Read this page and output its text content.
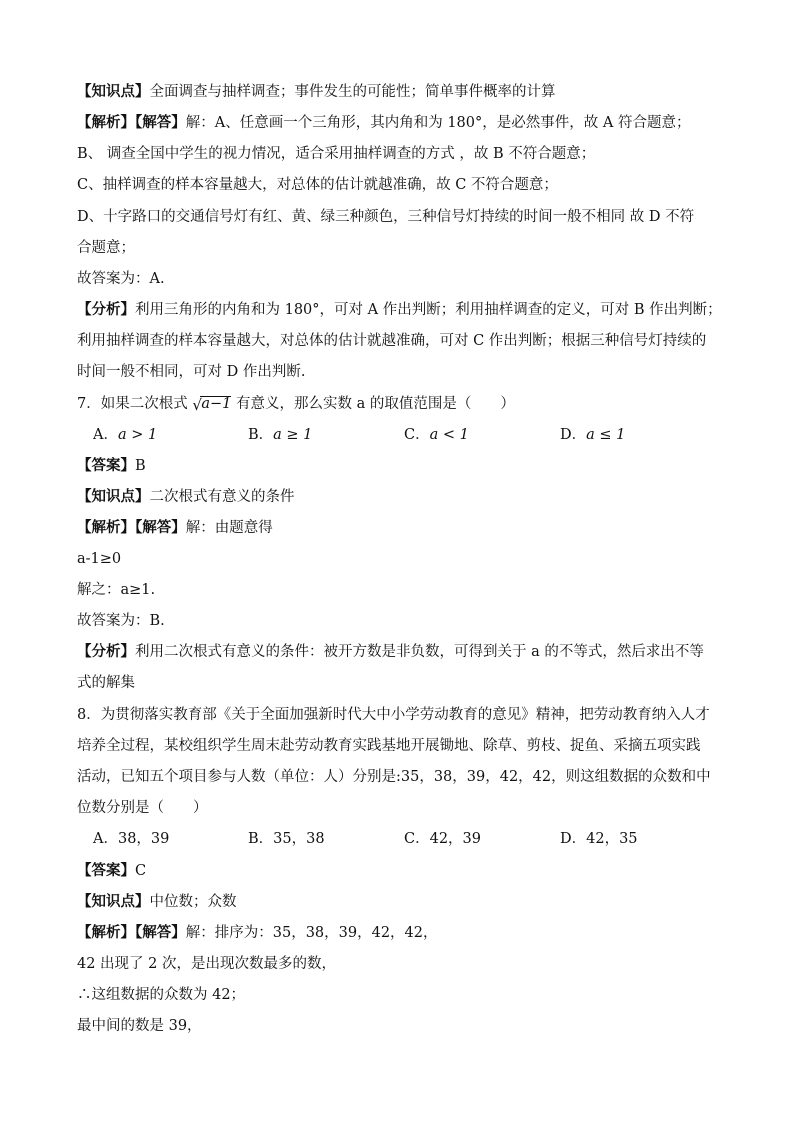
【知识点】全面调查与抽样调查；事件发生的可能性；简单事件概率的计算
【解析】【解答】解：A、任意画一个三角形，其内角和为 180°，是必然事件，故 A 符合题意；
B、 调查全国中学生的视力情况，适合采用抽样调查的方式 ，故 B 不符合题意；
C、抽样调查的样本容量越大，对总体的估计就越准确，故 C 不符合题意；
D、十字路口的交通信号灯有红、黄、绿三种颜色，三种信号灯持续的时间一般不相同 故 D 不符
合题意；
故答案为：A.
【分析】利用三角形的内角和为 180°，可对 A 作出判断；利用抽样调查的定义，可对 B 作出判断；
利用抽样调查的样本容量越大，对总体的估计就越准确，可对 C 作出判断；根据三种信号灯持续的
时间一般不相同，可对 D 作出判断.
7．如果二次根式 √ a−1 有意义，那么实数 a 的取值范围是（　　）
A．a > 1	B．a ≥ 1	C．a < 1	D．a ≤ 1
【答案】B
【知识点】二次根式有意义的条件
【解析】【解答】解：由题意得
a-1≥0
解之：a≥1.
故答案为：B.
【分析】利用二次根式有意义的条件：被开方数是非负数，可得到关于 a 的不等式，然后求出不等
式的解集
8．为贯彻落实教育部《关于全面加强新时代大中小学劳动教育的意见》精神，把劳动教育纳入人才
培养全过程，某校组织学生周末赴劳动教育实践基地开展锄地、除草、剪枝、捉鱼、采摘五项实践
活动，已知五个项目参与人数（单位：人）分别是:35，38，39，42，42，则这组数据的众数和中
位数分别是（　　）
A．38，39	B．35，38	C．42，39	D．42，35
【答案】C
【知识点】中位数；众数
【解析】【解答】解：排序为：35，38，39，42，42，
42 出现了 2 次，是出现次数最多的数，
∴这组数据的众数为 42；
最中间的数是 39，
